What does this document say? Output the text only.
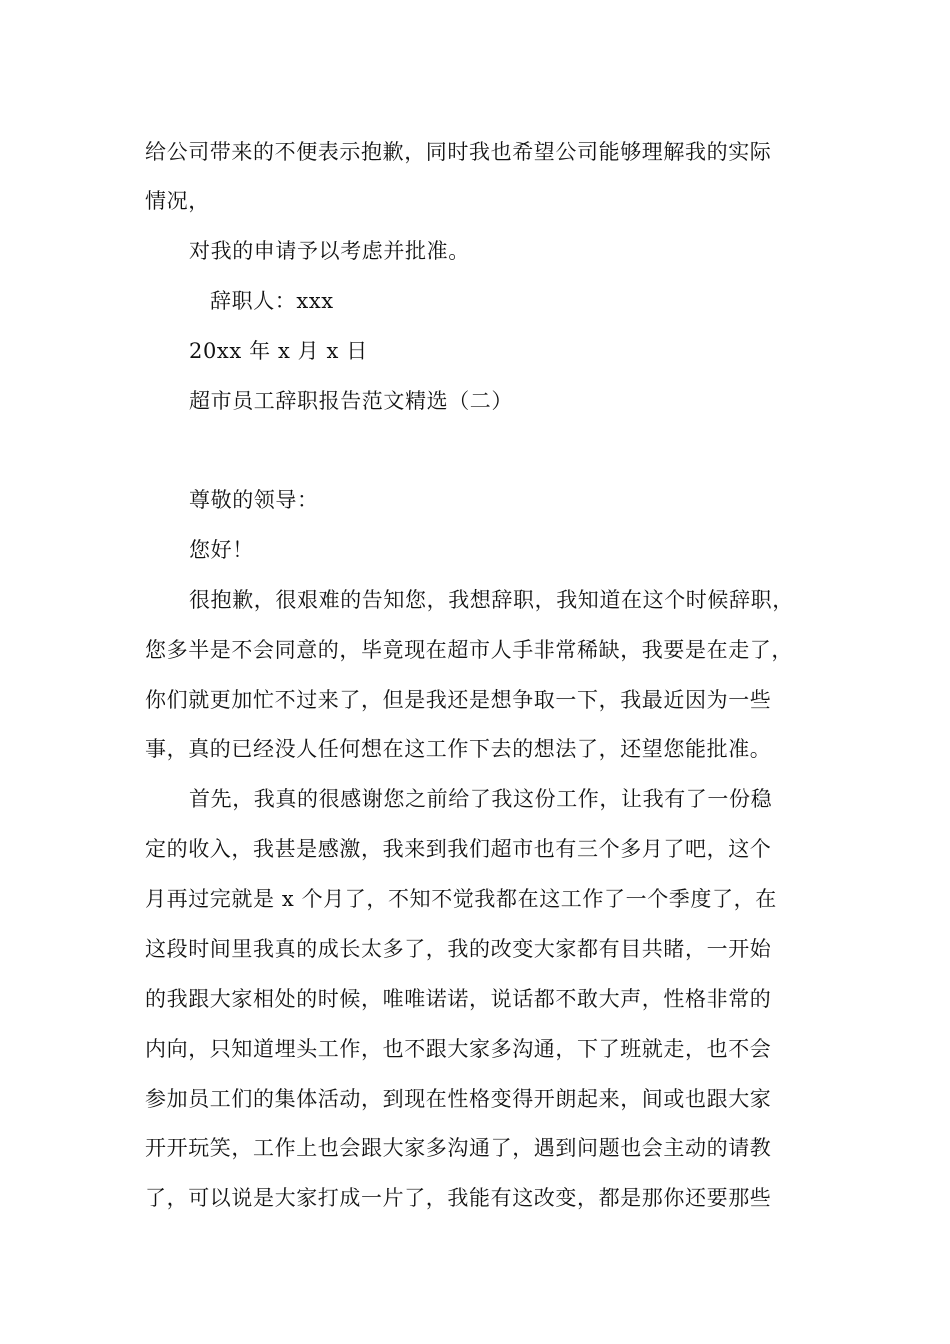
给公司带来的不便表示抱歉，同时我也希望公司能够理解我的实际
情况，
对我的申请予以考虑并批准。
辞职人：xxx
20xx 年 x 月 x 日
超市员工辞职报告范文精选（二）
尊敬的领导：
您好！
很抱歉，很艰难的告知您，我想辞职，我知道在这个时候辞职，
您多半是不会同意的，毕竟现在超市人手非常稀缺，我要是在走了，
你们就更加忙不过来了，但是我还是想争取一下，我最近因为一些
事，真的已经没人任何想在这工作下去的想法了，还望您能批准。
首先，我真的很感谢您之前给了我这份工作，让我有了一份稳
定的收入，我甚是感激，我来到我们超市也有三个多月了吧，这个
月再过完就是 x 个月了，不知不觉我都在这工作了一个季度了，在
这段时间里我真的成长太多了，我的改变大家都有目共睹，一开始
的我跟大家相处的时候，唯唯诺诺，说话都不敢大声，性格非常的
内向，只知道埋头工作，也不跟大家多沟通，下了班就走，也不会
参加员工们的集体活动，到现在性格变得开朗起来，间或也跟大家
开开玩笑，工作上也会跟大家多沟通了，遇到问题也会主动的请教
了，可以说是大家打成一片了，我能有这改变，都是那你还要那些
